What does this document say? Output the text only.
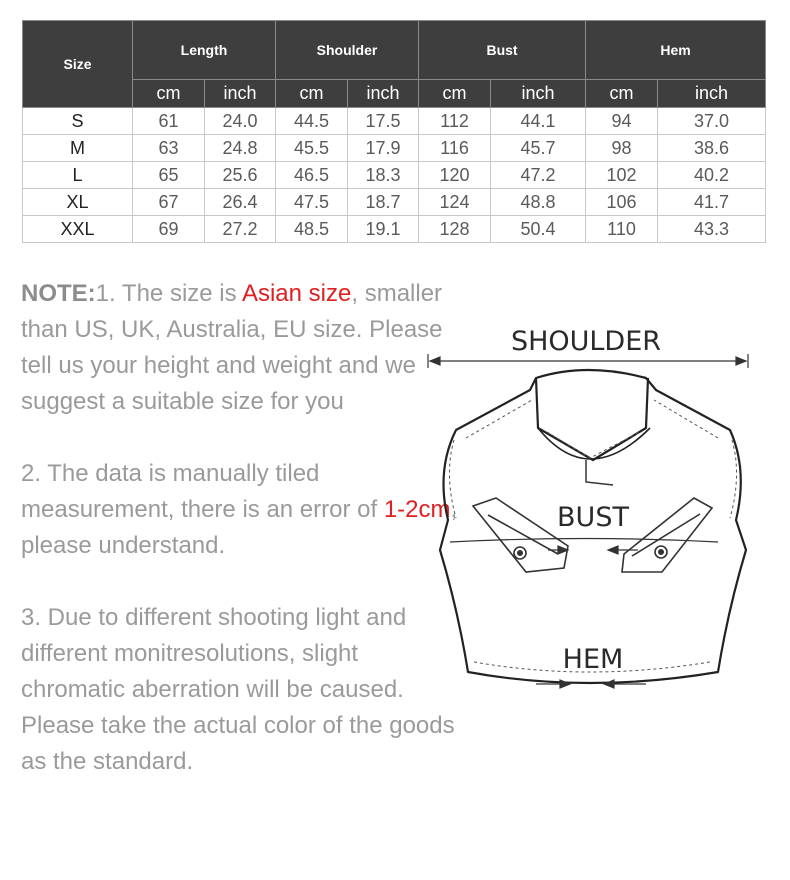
Size	Length		Shoulder		Bust		Hem	
	cm	inch	cm	inch	cm	inch	cm	inch
S	61	24.0	44.5	17.5	112	44.1	94	37.0
M	63	24.8	45.5	17.9	116	45.7	98	38.6
L	65	25.6	46.5	18.3	120	47.2	102	40.2
XL	67	26.4	47.5	18.7	124	48.8	106	41.7
XXL	69	27.2	48.5	19.1	128	50.4	110	43.3

NOTE:1. The size is Asian size, smaller than US, UK, Australia, EU size. Please tell us your height and weight and we suggest a suitable size for you

2. The data is manually tiled measurement, there is an error of 1-2cm, please understand.

3. Due to different shooting light and different monitresolutions, slight chromatic aberration will be caused. Please take the actual color of the goods as the standard.

SHOULDER
BUST
HEM
